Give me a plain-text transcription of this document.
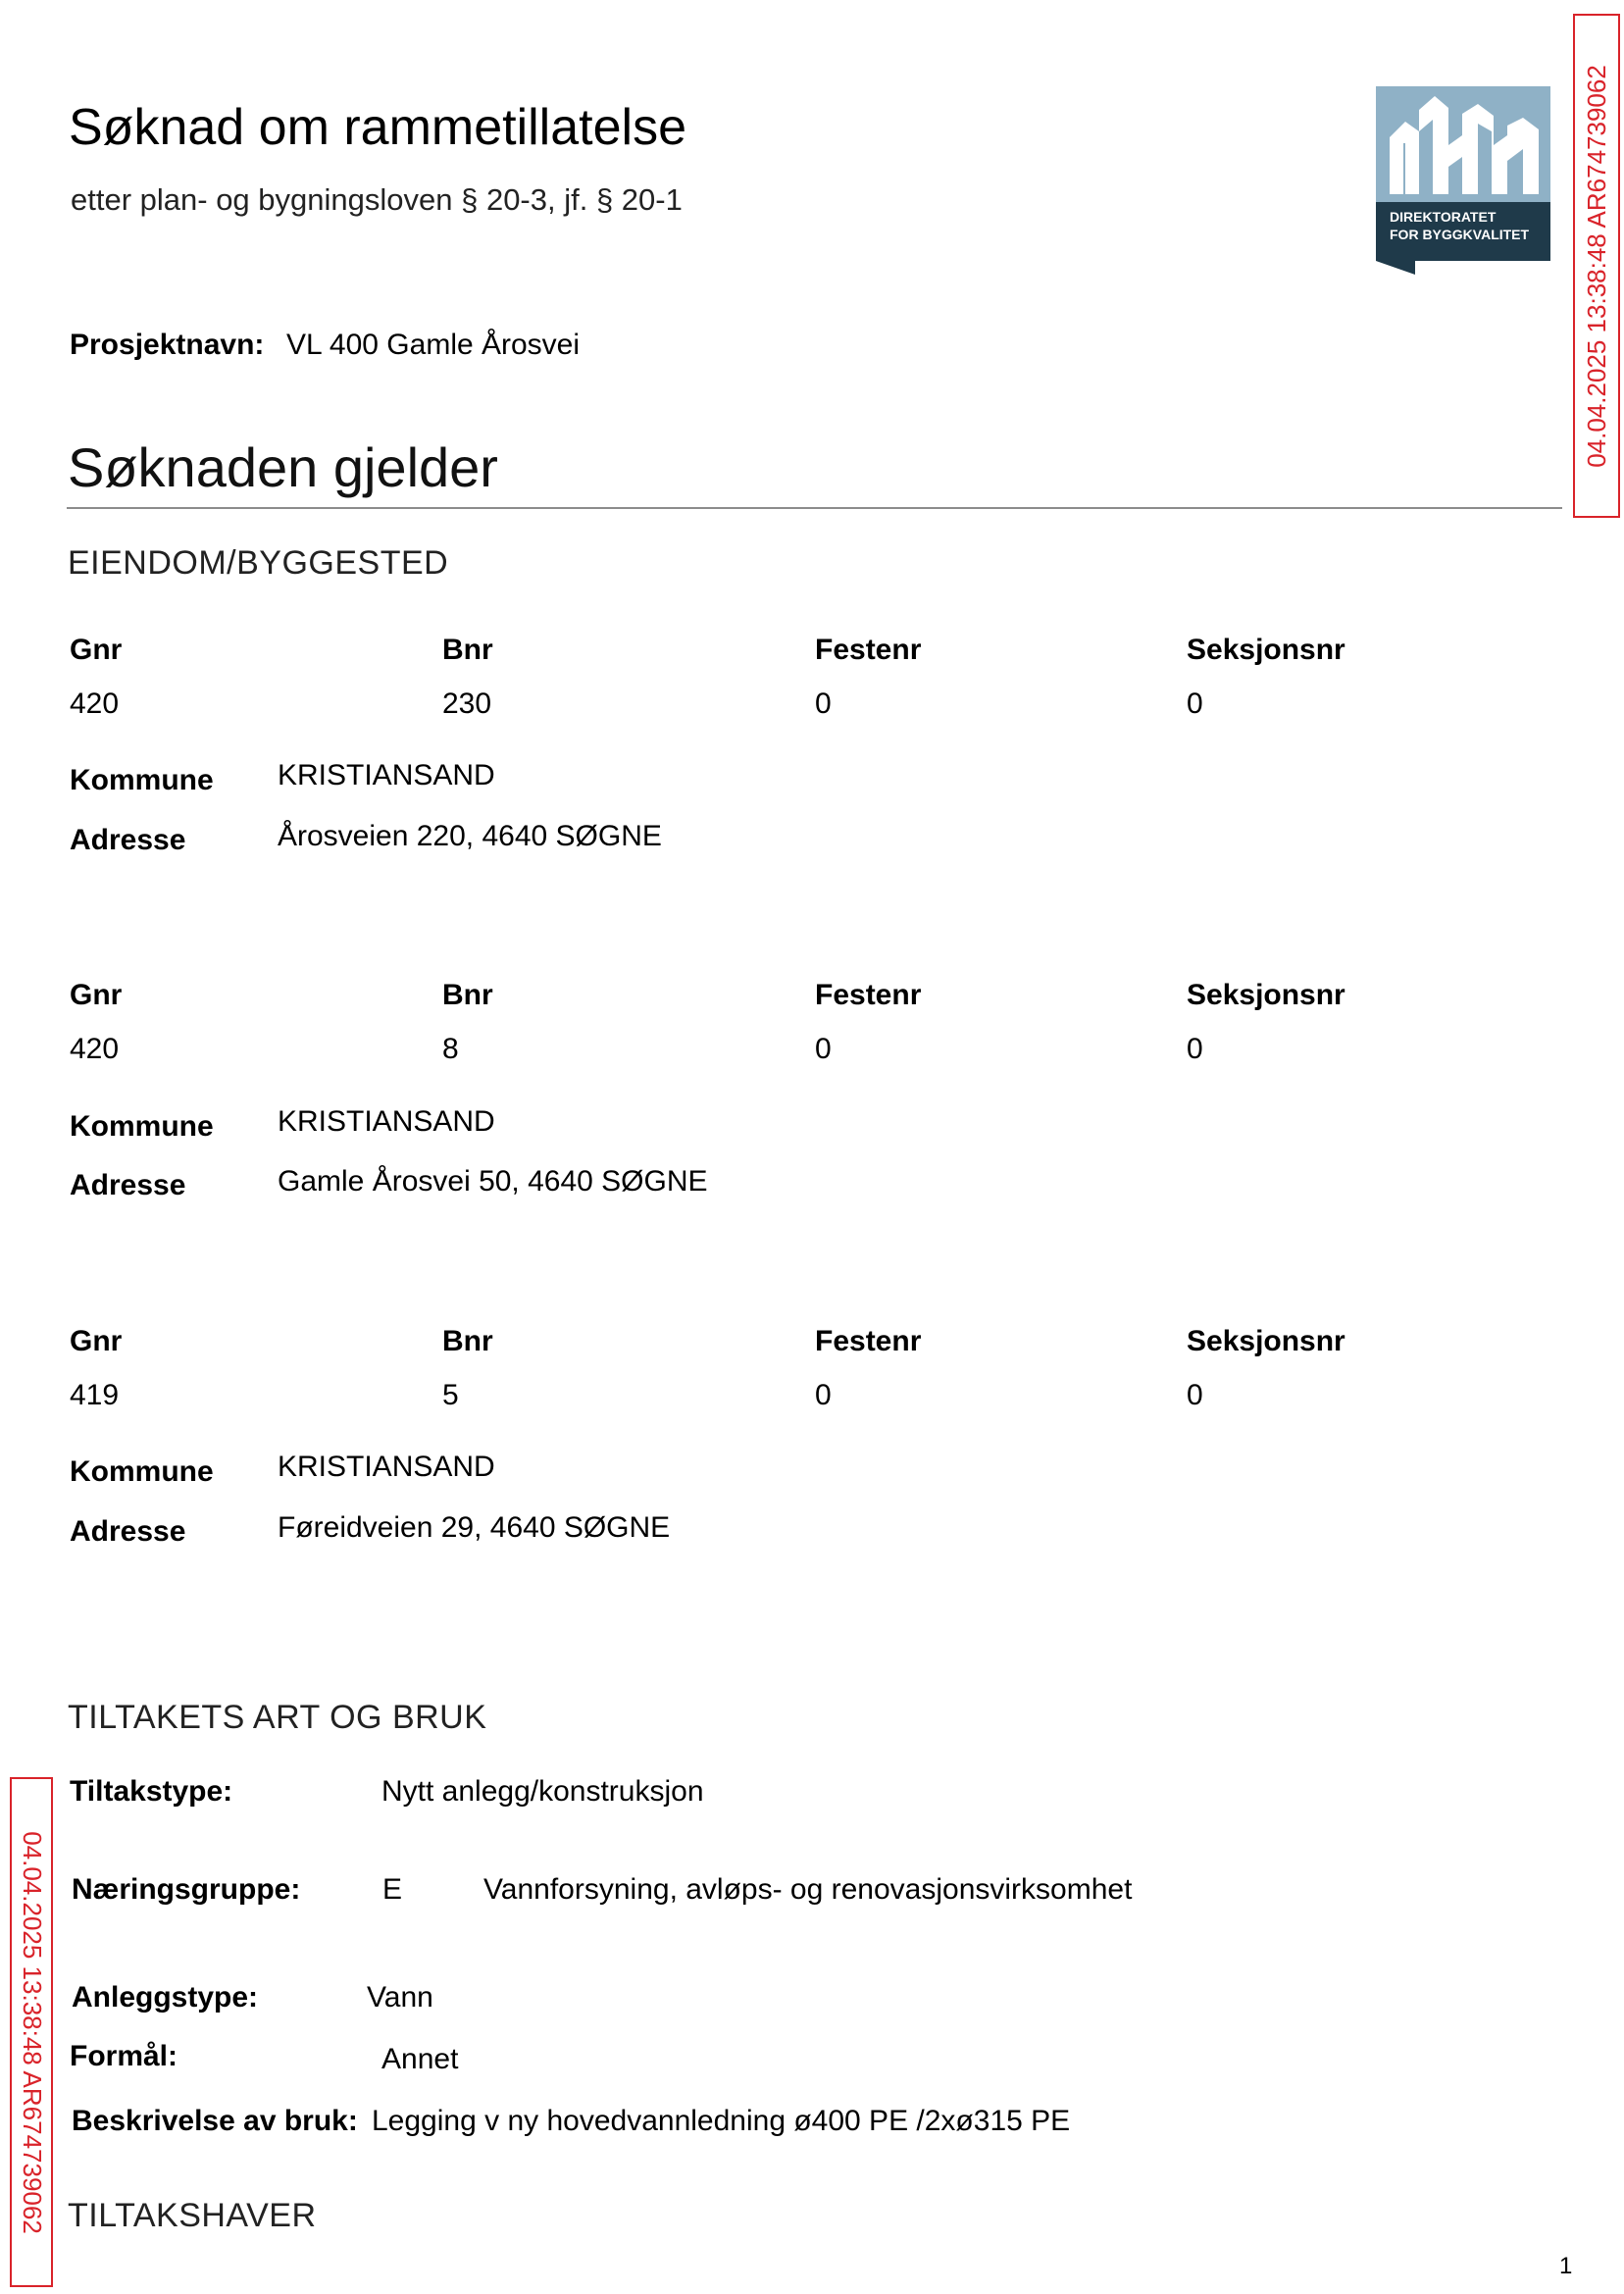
Søknad om rammetillatelse
etter plan- og bygningsloven § 20-3, jf. § 20-1
Prosjektnavn: VL 400 Gamle Årosvei
DIREKTORATET
FOR BYGGKVALITET 04.04.2025 13:38:48 AR674739062
04.04.2025 13:38:48 AR674739062
Søknaden gjelder
EIENDOM/BYGGESTED
Gnr	Bnr	Festenr	Seksjonsnr
420	230	0	0
Kommune KRISTIANSAND
Adresse	Årosveien 220, 4640 SØGNE
Gnr	Bnr	Festenr	Seksjonsnr
420	8	0	0
Kommune KRISTIANSAND
Adresse	Gamle Årosvei 50, 4640 SØGNE
Gnr	Bnr	Festenr	Seksjonsnr
419	5	0	0
Kommune KRISTIANSAND
Adresse	Føreidveien 29, 4640 SØGNE
TILTAKETS ART OG BRUK
Tiltakstype:	Nytt anlegg/konstruksjon
Næringsgruppe:	E	Vannforsyning, avløps- og renovasjonsvirksomhet
Anleggstype:	Vann
Formål:	Annet
Beskrivelse av bruk: Legging v ny hovedvannledning ø400 PE /2xø315 PE
TILTAKSHAVER
1
